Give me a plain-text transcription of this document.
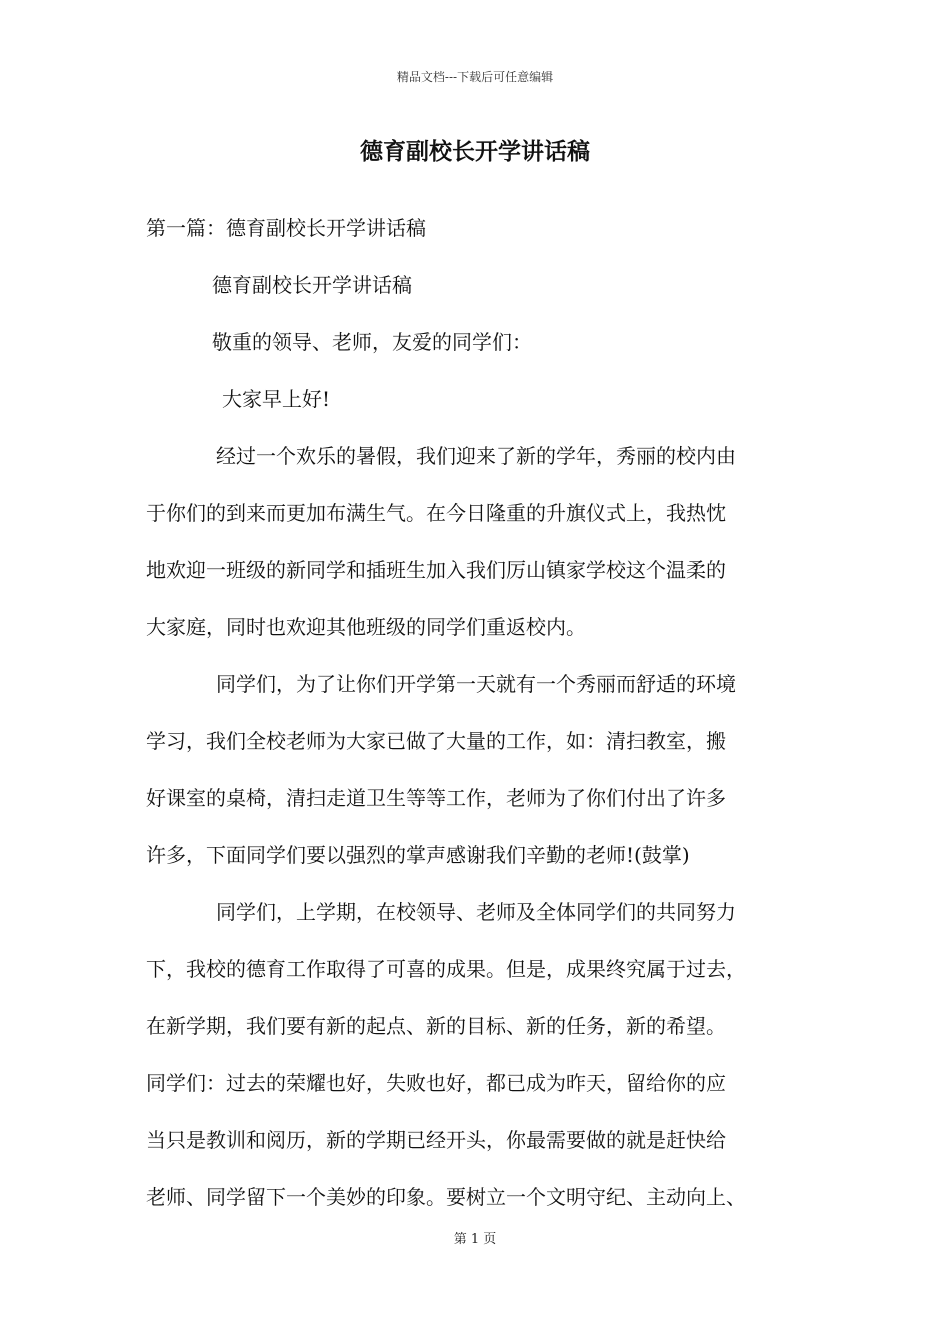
精品文档---下载后可任意编辑
德育副校长开学讲话稿

第一篇：德育副校长开学讲话稿

德育副校长开学讲话稿

敬重的领导、老师，友爱的同学们：

大家早上好!

经过一个欢乐的暑假，我们迎来了新的学年，秀丽的校内由
于你们的到来而更加布满生气。在今日隆重的升旗仪式上，我热忱
地欢迎一班级的新同学和插班生加入我们厉山镇家学校这个温柔的
大家庭，同时也欢迎其他班级的同学们重返校内。

同学们，为了让你们开学第一天就有一个秀丽而舒适的环境
学习，我们全校老师为大家已做了大量的工作，如：清扫教室，搬
好课室的桌椅，清扫走道卫生等等工作，老师为了你们付出了许多
许多，下面同学们要以强烈的掌声感谢我们辛勤的老师!(鼓掌)

同学们，上学期，在校领导、老师及全体同学们的共同努力
下，我校的德育工作取得了可喜的成果。但是，成果终究属于过去，
在新学期，我们要有新的起点、新的目标、新的任务，新的希望。
同学们：过去的荣耀也好，失败也好，都已成为昨天，留给你的应
当只是教训和阅历，新的学期已经开头，你最需要做的就是赶快给
老师、同学留下一个美妙的印象。要树立一个文明守纪、主动向上、

第 1 页
